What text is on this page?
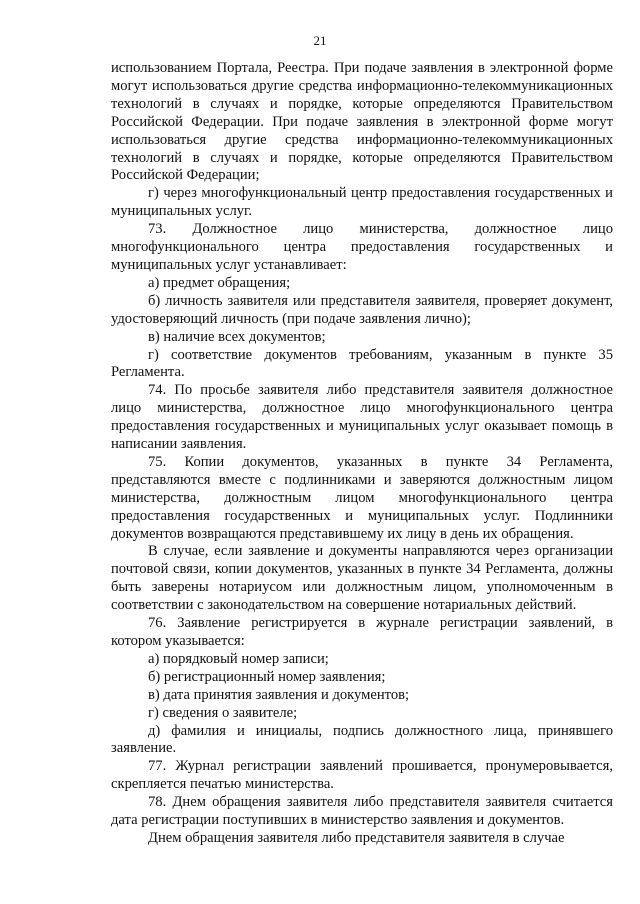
21

использованием Портала, Реестра. При подаче заявления в электронной форме могут использоваться другие средства информационно-телекоммуникационных технологий в случаях и порядке, которые определяются Правительством Российской Федерации. При подаче заявления в электронной форме могут использоваться другие средства информационно-телекоммуникационных технологий в случаях и порядке, которые определяются Правительством Российской Федерации;

г) через многофункциональный центр предоставления государственных и муниципальных услуг.

73. Должностное лицо министерства, должностное лицо многофункционального центра предоставления государственных и муниципальных услуг устанавливает:

а) предмет обращения;

б) личность заявителя или представителя заявителя, проверяет документ, удостоверяющий личность (при подаче заявления лично);

в) наличие всех документов;

г) соответствие документов требованиям, указанным в пункте 35 Регламента.

74. По просьбе заявителя либо представителя заявителя должностное лицо министерства, должностное лицо многофункционального центра предоставления государственных и муниципальных услуг оказывает помощь в написании заявления.

75. Копии документов, указанных в пункте 34 Регламента, представляются вместе с подлинниками и заверяются должностным лицом министерства, должностным лицом многофункционального центра предоставления государственных и муниципальных услуг. Подлинники документов возвращаются представившему их лицу в день их обращения.

В случае, если заявление и документы направляются через организации почтовой связи, копии документов, указанных в пункте 34 Регламента, должны быть заверены нотариусом или должностным лицом, уполномоченным в соответствии с законодательством на совершение нотариальных действий.

76. Заявление регистрируется в журнале регистрации заявлений, в котором указывается:

а) порядковый номер записи;

б) регистрационный номер заявления;

в) дата принятия заявления и документов;

г) сведения о заявителе;

д) фамилия и инициалы, подпись должностного лица, принявшего заявление.

77. Журнал регистрации заявлений прошивается, пронумеровывается, скрепляется печатью министерства.

78. Днем обращения заявителя либо представителя заявителя считается дата регистрации поступивших в министерство заявления и документов.

Днем обращения заявителя либо представителя заявителя в случае
